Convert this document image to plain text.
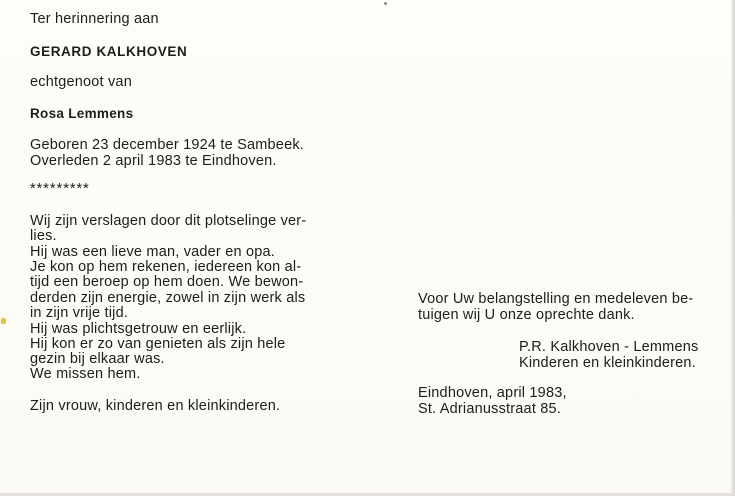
Ter herinnering aan
GERARD KALKHOVEN
echtgenoot van
Rosa Lemmens
Geboren 23 december 1924 te Sambeek.
Overleden 2 april 1983 te Eindhoven.
*********
Wij zijn verslagen door dit plotselinge ver-
lies.
Hij was een lieve man, vader en opa.
Je kon op hem rekenen, iedereen kon al-
tijd een beroep op hem doen. We bewon-
derden zijn energie, zowel in zijn werk als
in zijn vrije tijd.
Hij was plichtsgetrouw en eerlijk.
Hij kon er zo van genieten als zijn hele
gezin bij elkaar was.
We missen hem.
Zijn vrouw, kinderen en kleinkinderen.
Voor Uw belangstelling en medeleven be-
tuigen wij U onze oprechte dank.
P.R. Kalkhoven - Lemmens
Kinderen en kleinkinderen.
Eindhoven, april 1983,
St. Adrianusstraat 85.
